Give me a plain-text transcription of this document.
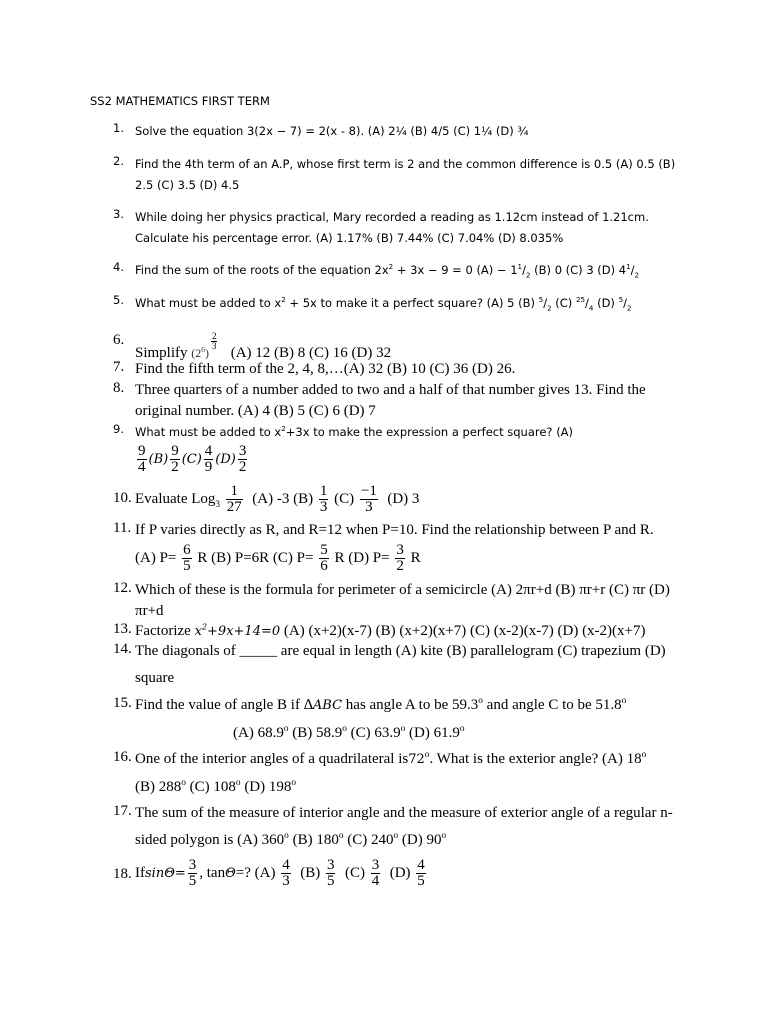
SS2 MATHEMATICS FIRST TERM
1. Solve the equation 3(2x − 7) = 2(x - 8). (A) 2¼ (B) 4/5 (C) 1¼ (D) ¾
2. Find the 4th term of an A.P, whose first term is 2 and the common difference is 0.5 (A) 0.5 (B) 2.5 (C) 3.5 (D) 4.5
3. While doing her physics practical, Mary recorded a reading as 1.12cm instead of 1.21cm. Calculate his percentage error. (A) 1.17% (B) 7.44% (C) 7.04% (D) 8.035%
4. Find the sum of the roots of the equation $2x^2 + 3x - 9 = 0$ $(A) - 1^1/_2$ (B) 0 (C) 3 (D) $4^1/_2$
5. What must be added to $x^2 + 5x$ to make it a perfect square? (A) 5 (B) $^5/_2$ (C) $^{25}/_4$ (D) $^5/_2$
6.
Simplify $(2^6)$
$\frac{2}{3}$
(A) 12 (B) 8 (C) 16 (D) 32
7. Find the fifth term of the 2, 4, 8,…(A) 32 (B) 10 (C) 36 (D) 26.
8. Three quarters of a number added to two and a half of that number gives 13. Find the original number. (A) 4 (B) 5 (C) 6 (D) 7
9. What must be added to $x^2+3x$ to make the expression a perfect square? (A)
$\frac{9}{4} (B) \frac{9}{2} (C) \frac{4}{9} (D) \frac{3}{2}$
10. Evaluate $Log_3 \frac{1}{27} (A)$ -3 $(B) \frac{1}{3} (C) \frac{-1}{3} (D)$ 3
11. If P varies directly as R, and R=12 when P=10. Find the relationship between P and R.
(A) $P= \frac{6}{5}$ R (B) P=6R (C) $P= \frac{5}{6}$ R (D) $P= \frac{3}{2}$ R
12. Which of these is the formula for perimeter of a semicircle (A) 2πr+d (B) πr+r (C) πr (D) πr+d
13. Factorize $x^2+9x+14=0$ (A) (x+2)(x-7) (B) (x+2)(x+7) (C) (x-2)(x-7) (D) (x-2)(x+7)
14. The diagonals of _____ are equal in length (A) kite (B) parallelogram (C) trapezium (D) square
15. Find the value of angle B if ∆ABC has angle A to be 59.3$^o$ and angle C to be 51.8$^o$
(A) 68.9$^o$ (B) 58.9$^o$ (C) 63.9$^o$ (D) 61.9$^o$
16. One of the interior angles of a quadrilateral is72$^o$. What is the exterior angle? (A) 18$^o$
(B) 288$^o$ (C) 108$^o$ (D) 198$^o$
17. The sum of the measure of interior angle and the measure of exterior angle of a regular n-sided polygon is (A) 360$^o$ (B) 180$^o$ (C) 240$^o$ (D) 90$^o$
18. $Ifsin\Theta= \frac{3}{5}$ , tanΘ=? $(A) \frac{4}{3} (B) \frac{3}{5} (C) \frac{3}{4} (D) \frac{4}{5}$
